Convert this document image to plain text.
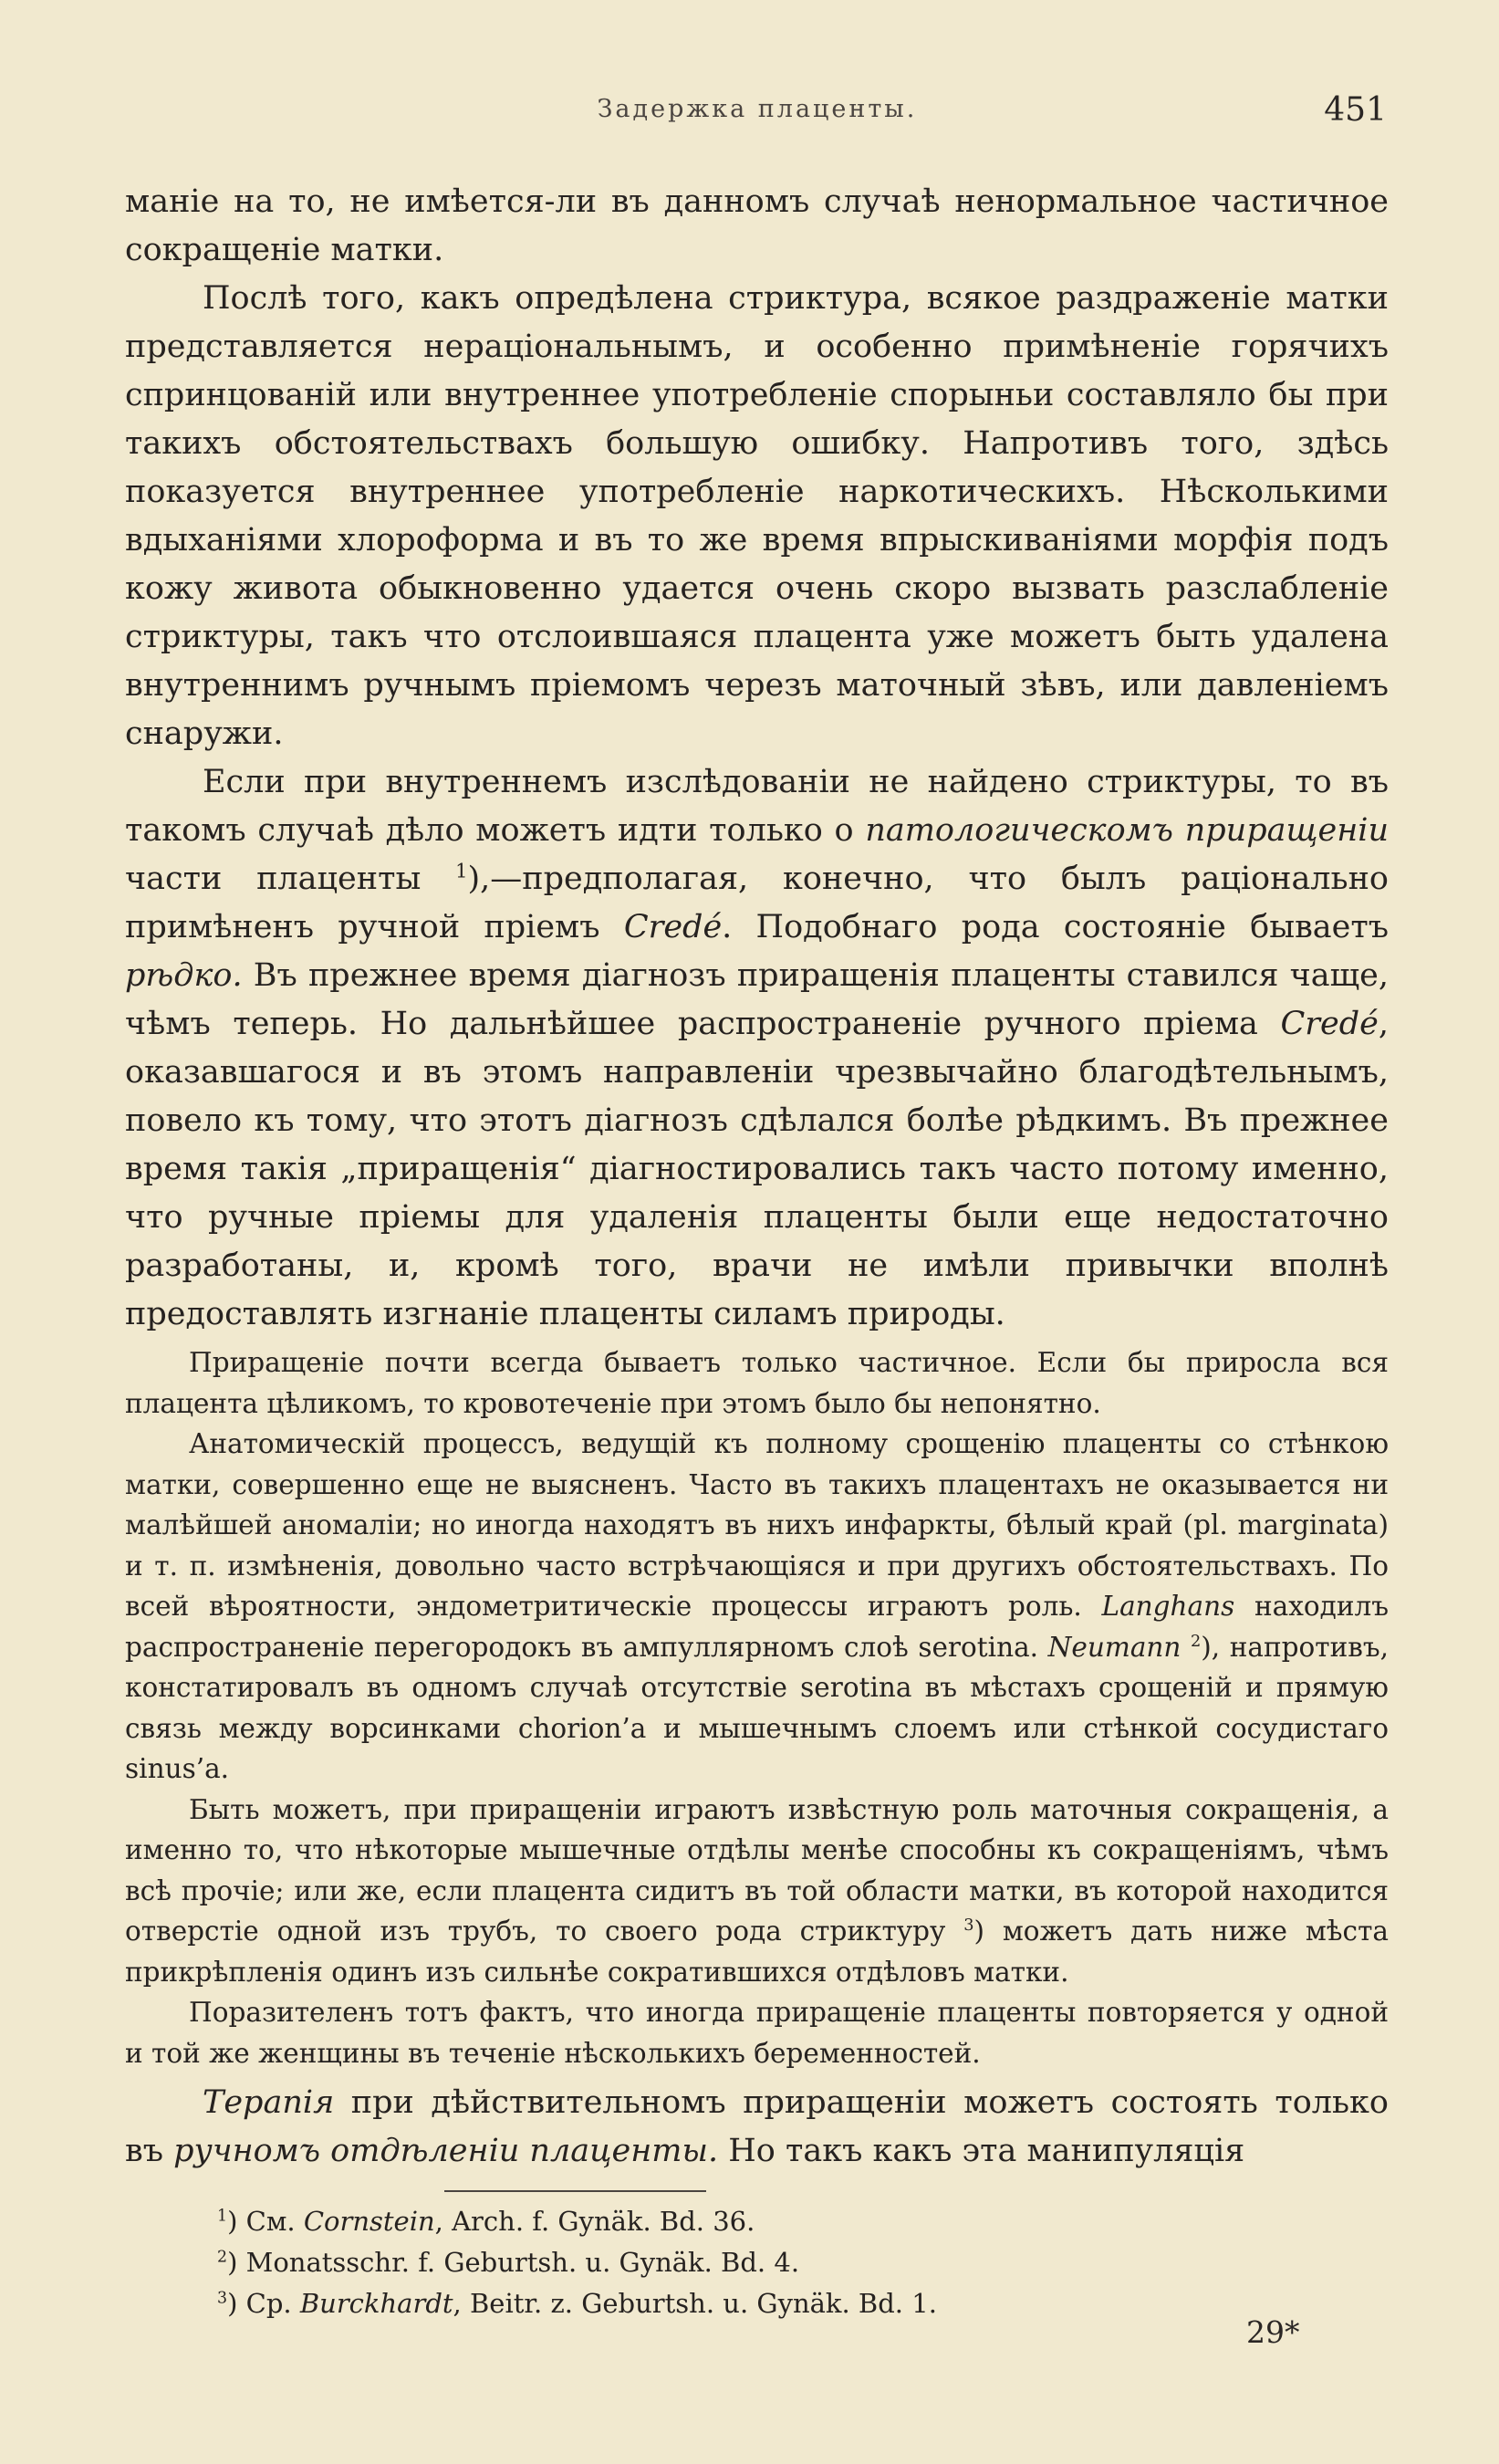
Задержка плаценты.	451

маніе на то, не имѣется-ли въ данномъ случаѣ ненормальное частичное сокращеніе матки.

Послѣ того, какъ опредѣлена стриктура, всякое раздраженіе матки представляется нераціональнымъ, и особенно примѣненіе горячихъ спринцованій или внутреннее употребленіе спорыньи составляло бы при такихъ обстоятельствахъ большую ошибку. Напротивъ того, здѣсь показуется внутреннее употребленіе наркотическихъ. Нѣсколькими вдыханіями хлороформа и въ то же время впрыскиваніями морфія подъ кожу живота обыкновенно удается очень скоро вызвать разслабленіе стриктуры, такъ что отслоившаяся плацента уже можетъ быть удалена внутреннимъ ручнымъ пріемомъ черезъ маточный зѣвъ, или давленіемъ снаружи.

Если при внутреннемъ изслѣдованіи не найдено стриктуры, то въ такомъ случаѣ дѣло можетъ идти только о патологическомъ приращеніи части плаценты $^1$),—предполагая, конечно, что былъ раціонально примѣненъ ручной пріемъ Credé. Подобнаго рода состояніе бываетъ рѣдко. Въ прежнее время діагнозъ приращенія плаценты ставился чаще, чѣмъ теперь. Но дальнѣйшее распространеніе ручного пріема Credé, оказавшагося и въ этомъ направленіи чрезвычайно благодѣтельнымъ, повело къ тому, что этотъ діагнозъ сдѣлался болѣе рѣдкимъ. Въ прежнее время такія „приращенія“ діагностировались такъ часто потому именно, что ручные пріемы для удаленія плаценты были еще недостаточно разработаны, и, кромѣ того, врачи не имѣли привычки вполнѣ предоставлять изгнаніе плаценты силамъ природы.

Приращеніе почти всегда бываетъ только частичное. Если бы приросла вся плацента цѣликомъ, то кровотеченіе при этомъ было бы непонятно.

Анатомическій процессъ, ведущій къ полному срощенію плаценты со стѣнкою матки, совершенно еще не выясненъ. Часто въ такихъ плацентахъ не оказывается ни малѣйшей аномаліи; но иногда находятъ въ нихъ инфаркты, бѣлый край (pl. marginata) и т. п. измѣненія, довольно часто встрѣчающіяся и при другихъ обстоятельствахъ. По всей вѣроятности, эндометритическіе процессы играютъ роль. Langhans находилъ распространеніе перегородокъ въ ампуллярномъ слоѣ serotina. Neumann $^2$), напротивъ, констатировалъ въ одномъ случаѣ отсутствіе serotina въ мѣстахъ срощеній и прямую связь между ворсинками chorion’а и мышечнымъ слоемъ или стѣнкой сосудистаго sinus’а.

Быть можетъ, при приращеніи играютъ извѣстную роль маточныя сокращенія, а именно то, что нѣкоторые мышечные отдѣлы менѣе способны къ сокращеніямъ, чѣмъ всѣ прочіе; или же, если плацента сидитъ въ той области матки, въ которой находится отверстіе одной изъ трубъ, то своего рода стриктуру $^3$) можетъ дать ниже мѣста прикрѣпленія одинъ изъ сильнѣе сократившихся отдѣловъ матки.

Поразителенъ тотъ фактъ, что иногда приращеніе плаценты повторяется у одной и той же женщины въ теченіе нѣсколькихъ беременностей.

Терапія при дѣйствительномъ приращеніи можетъ состоять только въ ручномъ отдѣленіи плаценты. Но такъ какъ эта манипуляція

$^1$) См. Cornstein, Arch. f. Gynäk. Bd. 36.
$^2$) Monatsschr. f. Geburtsh. u. Gynäk. Bd. 4.
$^3$) Cp. Burckhardt, Beitr. z. Geburtsh. u. Gynäk. Bd. 1.
29*
